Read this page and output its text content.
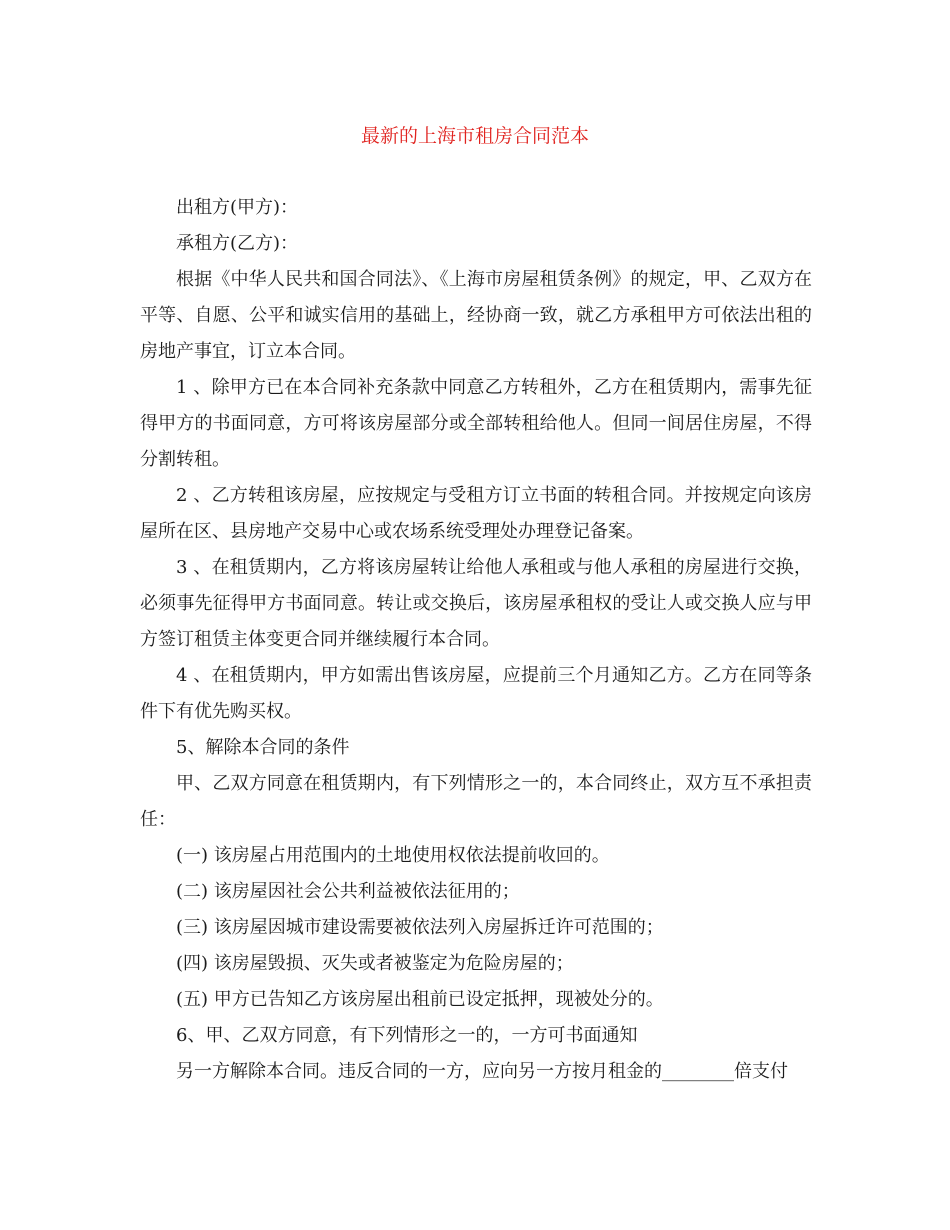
最新的上海市租房合同范本

出租方(甲方)：

承租方(乙方)：

根据《中华人民共和国合同法》、《上海市房屋租赁条例》的规定，甲、乙双方在平等、自愿、公平和诚实信用的基础上，经协商一致，就乙方承租甲方可依法出租的房地产事宜，订立本合同。

1 、除甲方已在本合同补充条款中同意乙方转租外，乙方在租赁期内，需事先征得甲方的书面同意，方可将该房屋部分或全部转租给他人。但同一间居住房屋，不得分割转租。

2 、乙方转租该房屋，应按规定与受租方订立书面的转租合同。并按规定向该房屋所在区、县房地产交易中心或农场系统受理处办理登记备案。

3 、在租赁期内，乙方将该房屋转让给他人承租或与他人承租的房屋进行交换，必须事先征得甲方书面同意。转让或交换后，该房屋承租权的受让人或交换人应与甲方签订租赁主体变更合同并继续履行本合同。

4 、在租赁期内，甲方如需出售该房屋，应提前三个月通知乙方。乙方在同等条件下有优先购买权。

5、解除本合同的条件

甲、乙双方同意在租赁期内，有下列情形之一的，本合同终止，双方互不承担责任：

(一) 该房屋占用范围内的土地使用权依法提前收回的。

(二) 该房屋因社会公共利益被依法征用的；

(三) 该房屋因城市建设需要被依法列入房屋拆迁许可范围的；

(四) 该房屋毁损、灭失或者被鉴定为危险房屋的；

(五) 甲方已告知乙方该房屋出租前已设定抵押，现被处分的。

6、甲、乙双方同意，有下列情形之一的，一方可书面通知

另一方解除本合同。违反合同的一方，应向另一方按月租金的________倍支付
